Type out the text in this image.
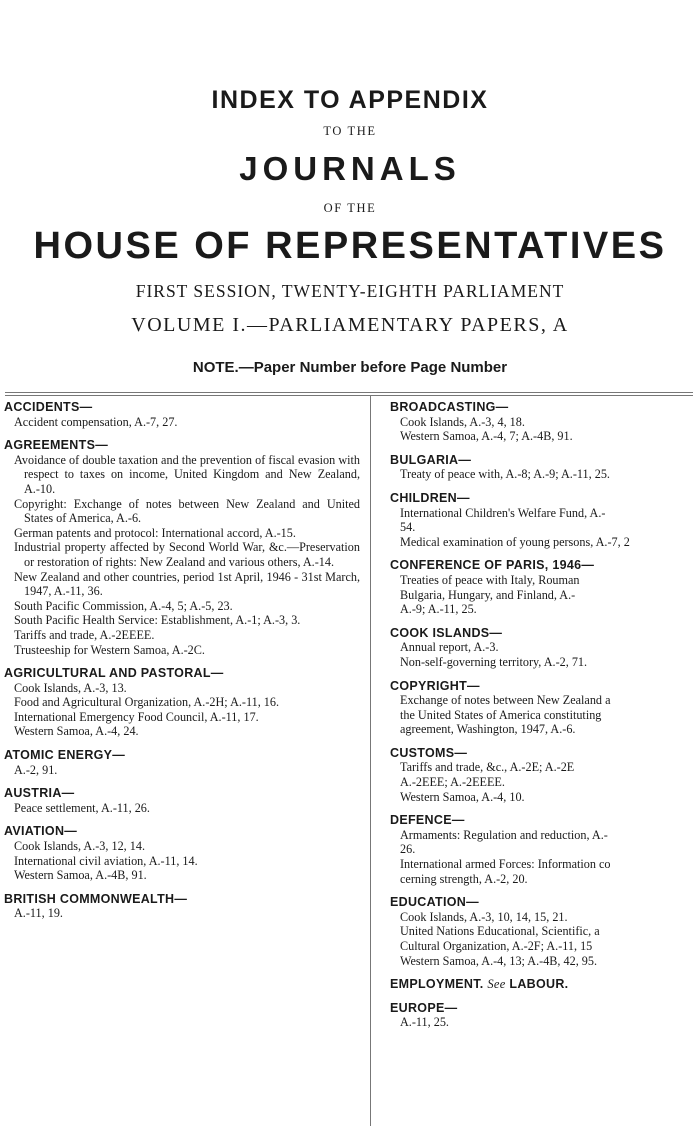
INDEX TO APPENDIX
TO THE
JOURNALS
OF THE
HOUSE OF REPRESENTATIVES
FIRST SESSION, TWENTY-EIGHTH PARLIAMENT
VOLUME I.—PARLIAMENTARY PAPERS, A
NOTE.—Paper Number before Page Number
ACCIDENTS—
Accident compensation, A.-7, 27.
AGREEMENTS—
Avoidance of double taxation and the prevention of fiscal evasion with respect to taxes on income, United Kingdom and New Zealand, A.-10.
Copyright: Exchange of notes between New Zealand and United States of America, A.-6.
German patents and protocol: International accord, A.-15.
Industrial property affected by Second World War, &c.—Preservation or restoration of rights: New Zealand and various others, A.-14.
New Zealand and other countries, period 1st April, 1946 - 31st March, 1947, A.-11, 36.
South Pacific Commission, A.-4, 5; A.-5, 23.
South Pacific Health Service: Establishment, A.-1; A.-3, 3.
Tariffs and trade, A.-2EEEE.
Trusteeship for Western Samoa, A.-2C.
AGRICULTURAL AND PASTORAL—
Cook Islands, A.-3, 13.
Food and Agricultural Organization, A.-2H; A.-11, 16.
International Emergency Food Council, A.-11, 17.
Western Samoa, A.-4, 24.
ATOMIC ENERGY—
A.-2, 91.
AUSTRIA—
Peace settlement, A.-11, 26.
AVIATION—
Cook Islands, A.-3, 12, 14.
International civil aviation, A.-11, 14.
Western Samoa, A.-4B, 91.
BRITISH COMMONWEALTH—
A.-11, 19.
BROADCASTING—
Cook Islands, A.-3, 4, 18.
Western Samoa, A.-4, 7; A.-4B, 91.
BULGARIA—
Treaty of peace with, A.-8; A.-9; A.-11, 25.
CHILDREN—
International Children's Welfare Fund, A.-
54.
Medical examination of young persons, A.-7, 2
CONFERENCE OF PARIS, 1946—
Treaties of peace with Italy, Rouman
Bulgaria, Hungary, and Finland, A.-
A.-9; A.-11, 25.
COOK ISLANDS—
Annual report, A.-3.
Non-self-governing territory, A.-2, 71.
COPYRIGHT—
Exchange of notes between New Zealand a
the United States of America constituting
agreement, Washington, 1947, A.-6.
CUSTOMS—
Tariffs and trade, &c., A.-2E; A.-2E
A.-2EEE; A.-2EEEE.
Western Samoa, A.-4, 10.
DEFENCE—
Armaments: Regulation and reduction, A.-
26.
International armed Forces: Information co
cerning strength, A.-2, 20.
EDUCATION—
Cook Islands, A.-3, 10, 14, 15, 21.
United Nations Educational, Scientific, a
Cultural Organization, A.-2F; A.-11, 15
Western Samoa, A.-4, 13; A.-4B, 42, 95.
EMPLOYMENT. See LABOUR.
EUROPE—
A.-11, 25.
